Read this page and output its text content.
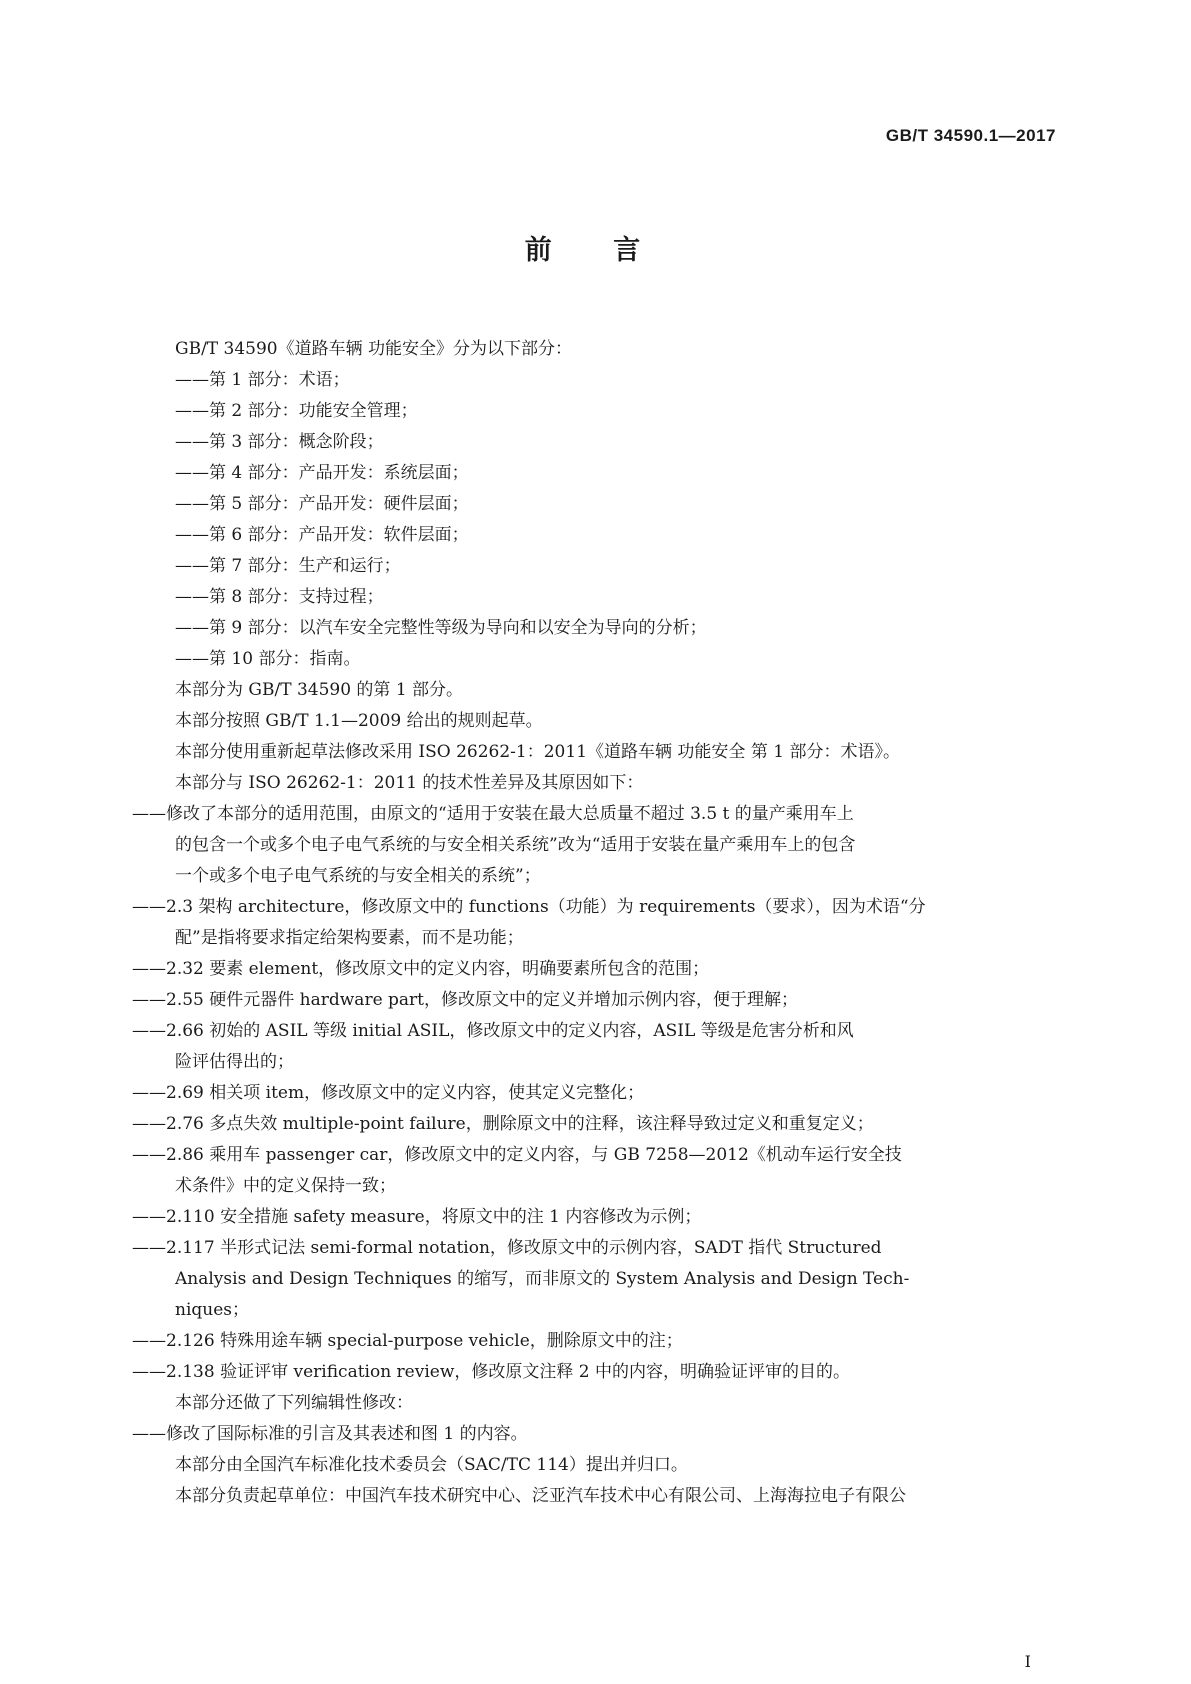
GB/T 34590.1—2017
前 言
GB/T 34590《道路车辆 功能安全》分为以下部分：
——第 1 部分：术语；
——第 2 部分：功能安全管理；
——第 3 部分：概念阶段；
——第 4 部分：产品开发：系统层面；
——第 5 部分：产品开发：硬件层面；
——第 6 部分：产品开发：软件层面；
——第 7 部分：生产和运行；
——第 8 部分：支持过程；
——第 9 部分：以汽车安全完整性等级为导向和以安全为导向的分析；
——第 10 部分：指南。
本部分为 GB/T 34590 的第 1 部分。
本部分按照 GB/T 1.1—2009 给出的规则起草。
本部分使用重新起草法修改采用 ISO 26262-1：2011《道路车辆 功能安全 第 1 部分：术语》。
本部分与 ISO 26262-1：2011 的技术性差异及其原因如下：
——修改了本部分的适用范围，由原文的“适用于安装在最大总质量不超过 3.5 t 的量产乘用车上
的包含一个或多个电子电气系统的与安全相关系统”改为“适用于安装在量产乘用车上的包含
一个或多个电子电气系统的与安全相关的系统”；
——2.3 架构 architecture，修改原文中的 functions（功能）为 requirements（要求），因为术语“分
配”是指将要求指定给架构要素，而不是功能；
——2.32 要素 element，修改原文中的定义内容，明确要素所包含的范围；
——2.55 硬件元器件 hardware part，修改原文中的定义并增加示例内容，便于理解；
——2.66 初始的 ASIL 等级 initial ASIL，修改原文中的定义内容，ASIL 等级是危害分析和风
险评估得出的；
——2.69 相关项 item，修改原文中的定义内容，使其定义完整化；
——2.76 多点失效 multiple-point failure，删除原文中的注释，该注释导致过定义和重复定义；
——2.86 乘用车 passenger car，修改原文中的定义内容，与 GB 7258—2012《机动车运行安全技
术条件》中的定义保持一致；
——2.110 安全措施 safety measure，将原文中的注 1 内容修改为示例；
——2.117 半形式记法 semi-formal notation，修改原文中的示例内容，SADT 指代 Structured
Analysis and Design Techniques 的缩写，而非原文的 System Analysis and Design Tech-
niques；
——2.126 特殊用途车辆 special-purpose vehicle，删除原文中的注；
——2.138 验证评审 verification review，修改原文注释 2 中的内容，明确验证评审的目的。
本部分还做了下列编辑性修改：
——修改了国际标准的引言及其表述和图 1 的内容。
本部分由全国汽车标准化技术委员会（SAC/TC 114）提出并归口。
本部分负责起草单位：中国汽车技术研究中心、泛亚汽车技术中心有限公司、上海海拉电子有限公
I
